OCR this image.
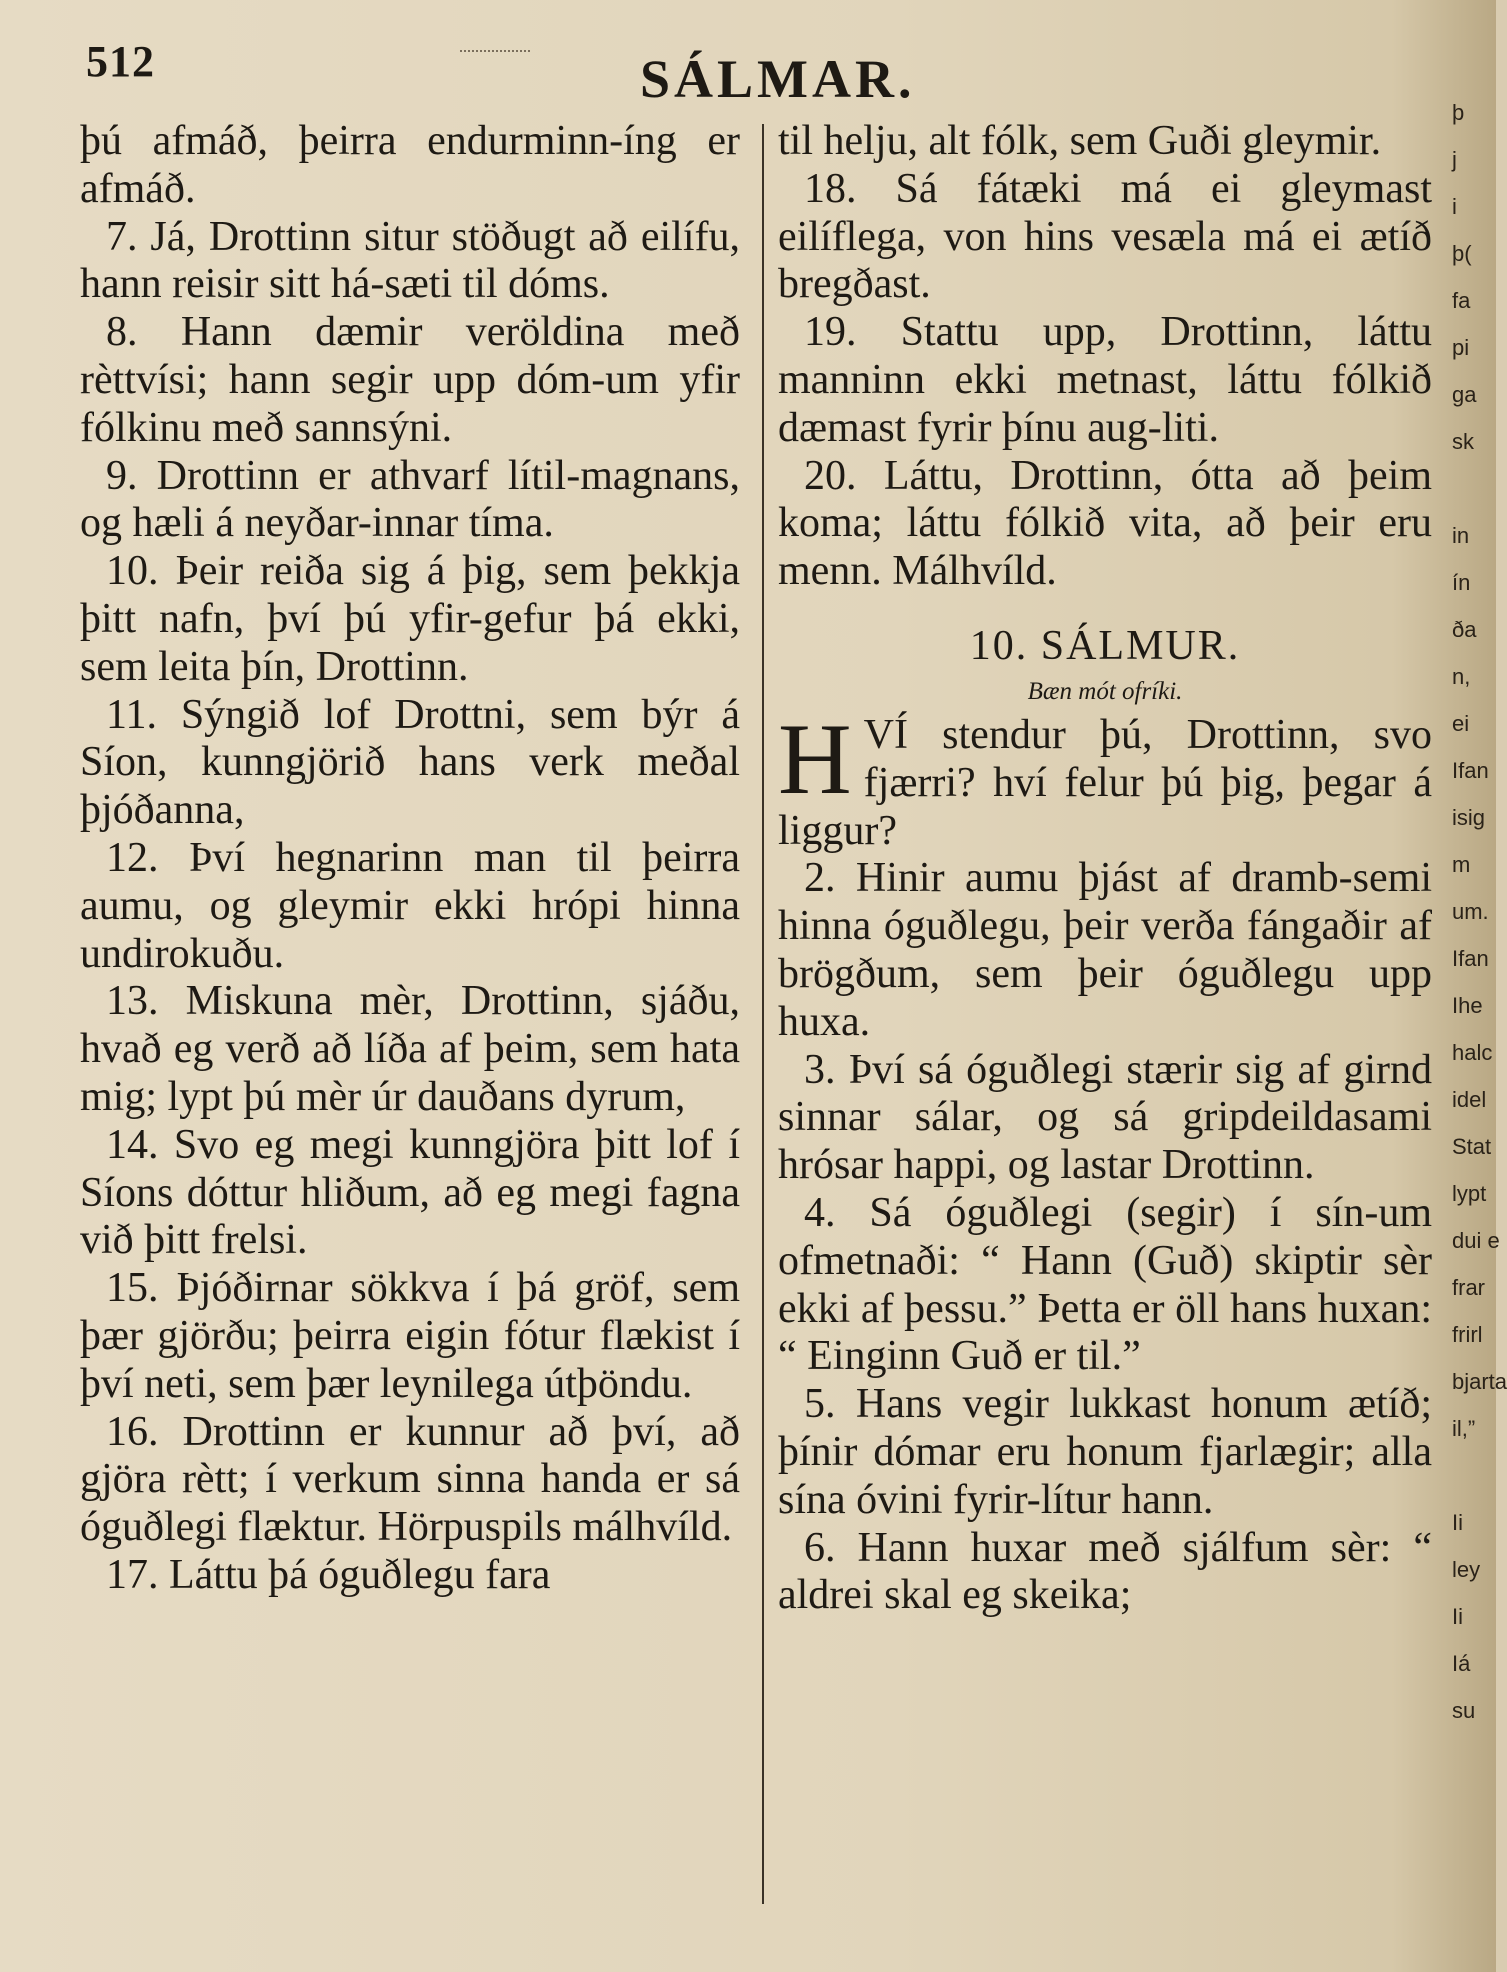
512	SÁLMAR.

þú afmáð, þeirra endurminn-íng er afmáð.

7. Já, Drottinn situr stöðugt að eilífu, hann reisir sitt há-sæti til dóms.

8. Hann dæmir veröldina með rèttvísi; hann segir upp dóm-um yfir fólkinu með sannsýni.

9. Drottinn er athvarf lítil-magnans, og hæli á neyðar-innar tíma.

10. Þeir reiða sig á þig, sem þekkja þitt nafn, því þú yfir-gefur þá ekki, sem leita þín, Drottinn.

11. Sýngið lof Drottni, sem býr á Síon, kunngjörið hans verk meðal þjóðanna,

12. Því hegnarinn man til þeirra aumu, og gleymir ekki hrópi hinna undirokuðu.

13. Miskuna mèr, Drottinn, sjáðu, hvað eg verð að líða af þeim, sem hata mig; lypt þú mèr úr dauðans dyrum,

14. Svo eg megi kunngjöra þitt lof í Síons dóttur hliðum, að eg megi fagna við þitt frelsi.

15. Þjóðirnar sökkva í þá gröf, sem þær gjörðu; þeirra eigin fótur flækist í því neti, sem þær leynilega útþöndu.

16. Drottinn er kunnur að því, að gjöra rètt; í verkum sinna handa er sá óguðlegi flæktur. Hörpuspils málhvíld.

17. Láttu þá óguðlegu fara

til helju, alt fólk, sem Guði gleymir.

18. Sá fátæki má ei gleymast eilíflega, von hins vesæla má ei ætíð bregðast.

19. Stattu upp, Drottinn, láttu manninn ekki metnast, láttu fólkið dæmast fyrir þínu aug-liti.

20. Láttu, Drottinn, ótta að þeim koma; láttu fólkið vita, að þeir eru menn. Málhvíld.

10. SÁLMUR.
Bæn mót ofríki.

HVÍ stendur þú, Drottinn, svo fjærri? hví felur þú þig, þegar á liggur?

2. Hinir aumu þjást af dramb-semi hinna óguðlegu, þeir verða fángaðir af brögðum, sem þeir óguðlegu upp huxa.

3. Því sá óguðlegi stærir sig af girnd sinnar sálar, og sá gripdeildasami hrósar happi, og lastar Drottinn.

4. Sá óguðlegi (segir) í sín-um ofmetnaði: “ Hann (Guð) skiptir sèr ekki af þessu.” Þetta er öll hans huxan: “ Einginn Guð er til.”

5. Hans vegir lukkast honum ætíð; þínir dómar eru honum fjarlægir; alla sína óvini fyrir-lítur hann.

6. Hann huxar með sjálfum sèr: “ aldrei skal eg skeika;

þ
j
i
þ(
fa
pi
ga
sk
in
ín
ða
n,
ei
Ifan
isig
m
um.
Ifan
Ihe
halc
idel
Stat
lypt
dui e
frar
frirl
bjarta
il,”
Ii
ley
Ii
Iá
su
